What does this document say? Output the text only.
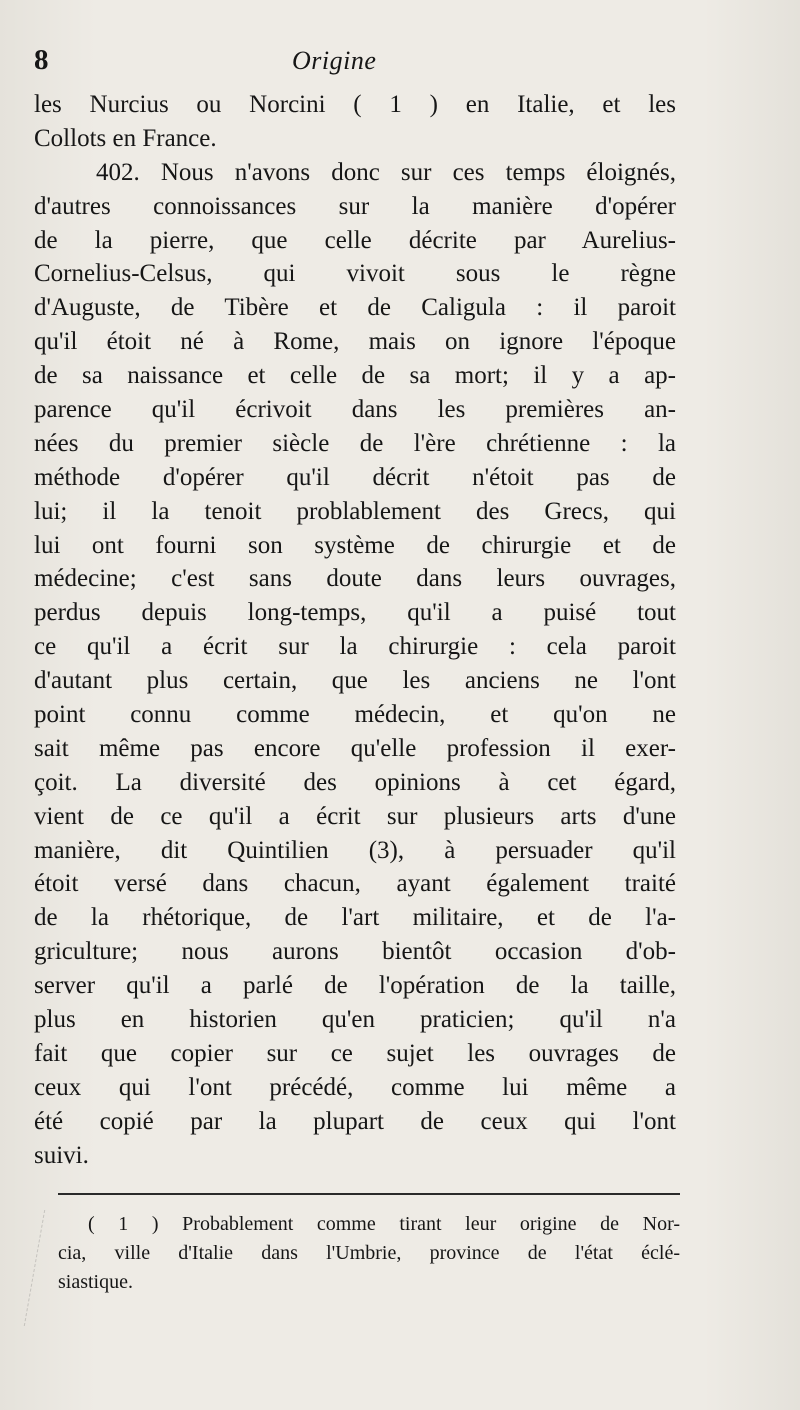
8	Origine
les Nurcius ou Norcini ( 1 ) en Italie, et les
Collots en France.
402. Nous n'avons donc sur ces temps éloignés,
d'autres connoissances sur la manière d'opérer
de la pierre, que celle décrite par Aurelius-
Cornelius-Celsus, qui vivoit sous le règne
d'Auguste, de Tibère et de Caligula : il paroit
qu'il étoit né à Rome, mais on ignore l'époque
de sa naissance et celle de sa mort; il y a ap-
parence qu'il écrivoit dans les premières an-
nées du premier siècle de l'ère chrétienne : la
méthode d'opérer qu'il décrit n'étoit pas de
lui; il la tenoit problablement des Grecs, qui
lui ont fourni son système de chirurgie et de
médecine; c'est sans doute dans leurs ouvrages,
perdus depuis long-temps, qu'il a puisé tout
ce qu'il a écrit sur la chirurgie : cela paroit
d'autant plus certain, que les anciens ne l'ont
point connu comme médecin, et qu'on ne
sait même pas encore qu'elle profession il exer-
çoit. La diversité des opinions à cet égard,
vient de ce qu'il a écrit sur plusieurs arts d'une
manière, dit Quintilien (3), à persuader qu'il
étoit versé dans chacun, ayant également traité
de la rhétorique, de l'art militaire, et de l'a-
griculture; nous aurons bientôt occasion d'ob-
server qu'il a parlé de l'opération de la taille,
plus en historien qu'en praticien; qu'il n'a
fait que copier sur ce sujet les ouvrages de
ceux qui l'ont précédé, comme lui même a
été copié par la plupart de ceux qui l'ont
suivi.
( 1 ) Probablement comme tirant leur origine de Nor-
cia, ville d'Italie dans l'Umbrie, province de l'état éclé-
siastique.
